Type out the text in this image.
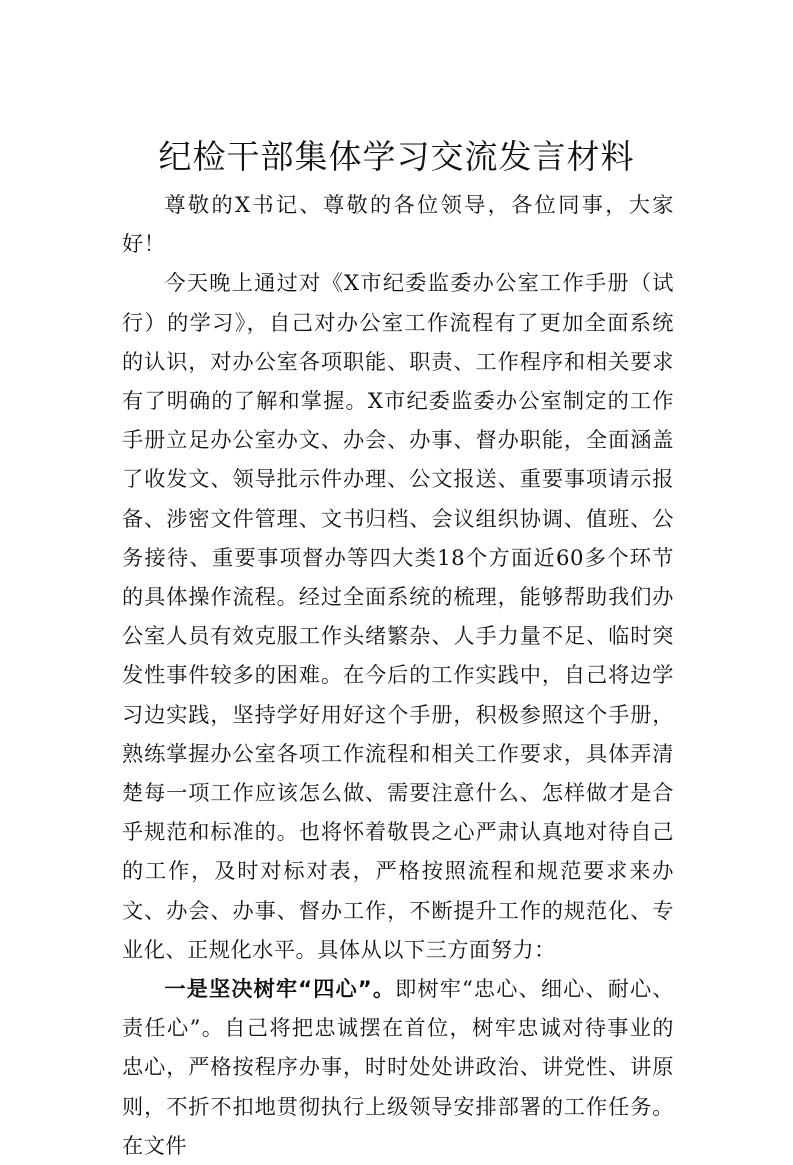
纪检干部集体学习交流发言材料

尊敬的X书记、尊敬的各位领导，各位同事，大家好！

今天晚上通过对《X市纪委监委办公室工作手册（试行）的学习》，自己对办公室工作流程有了更加全面系统的认识，对办公室各项职能、职责、工作程序和相关要求有了明确的了解和掌握。X市纪委监委办公室制定的工作手册立足办公室办文、办会、办事、督办职能，全面涵盖了收发文、领导批示件办理、公文报送、重要事项请示报备、涉密文件管理、文书归档、会议组织协调、值班、公务接待、重要事项督办等四大类18个方面近60多个环节的具体操作流程。经过全面系统的梳理，能够帮助我们办公室人员有效克服工作头绪繁杂、人手力量不足、临时突发性事件较多的困难。在今后的工作实践中，自己将边学习边实践，坚持学好用好这个手册，积极参照这个手册，熟练掌握办公室各项工作流程和相关工作要求，具体弄清楚每一项工作应该怎么做、需要注意什么、怎样做才是合乎规范和标准的。也将怀着敬畏之心严肃认真地对待自己的工作，及时对标对表，严格按照流程和规范要求来办文、办会、办事、督办工作，不断提升工作的规范化、专业化、正规化水平。具体从以下三方面努力：

一是坚决树牢“四心”。即树牢“忠心、细心、耐心、责任心”。自己将把忠诚摆在首位，树牢忠诚对待事业的忠心，严格按程序办事，时时处处讲政治、讲党性、讲原则，不折不扣地贯彻执行上级领导安排部署的工作任务。在文件
